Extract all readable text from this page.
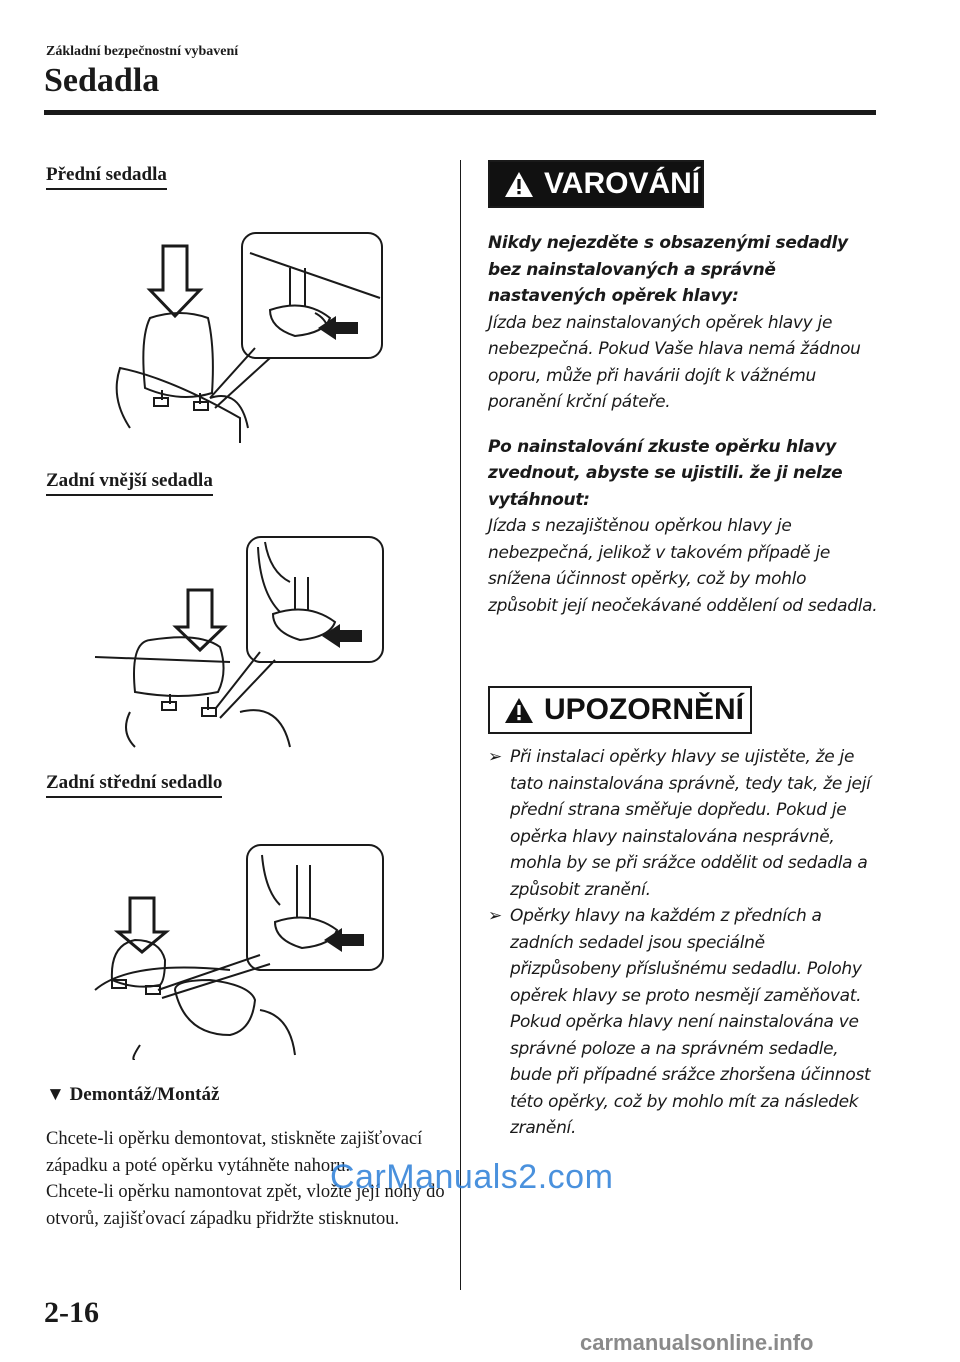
Základní bezpečnostní vybavení
Sedadla
Přední sedadla
Zadní vnější sedadla
Zadní střední sedadlo
▼ Demontáž/Montáž

Chcete-li opěrku demontovat, stiskněte zajišťovací západku a poté opěrku vytáhněte nahoru.

Chcete-li opěrku namontovat zpět, vložte její nohy do otvorů, zajišťovací západku přidržte stisknutou.

2-16
VAROVÁNÍ

Nikdy nejezděte s obsazenými sedadly bez nainstalovaných a správně nastavených opěrek hlavy:

Jízda bez nainstalovaných opěrek hlavy je nebezpečná. Pokud Vaše hlava nemá žádnou oporu, může při havárii dojít k vážnému poranění krční páteře.

Po nainstalování zkuste opěrku hlavy zvednout, abyste se ujistili. že ji nelze vytáhnout:

Jízda s nezajištěnou opěrkou hlavy je nebezpečná, jelikož v takovém případě je snížena účinnost opěrky, což by mohlo způsobit její neočekávané oddělení od sedadla.

UPOZORNĚNÍ
➢ Při instalaci opěrky hlavy se ujistěte, že je tato nainstalována správně, tedy tak, že její přední strana směřuje dopředu. Pokud je opěrka hlavy nainstalována nesprávně, mohla by se při srážce oddělit od sedadla a způsobit zranění.
➢ Opěrky hlavy na každém z předních a zadních sedadel jsou speciálně přizpůsobeny příslušnému sedadlu. Polohy opěrek hlavy se proto nesmějí zaměňovat. Pokud opěrka hlavy není nainstalována ve správné poloze a na správném sedadle, bude při případné srážce zhoršena účinnost této opěrky, což by mohlo mít za následek zranění.
CarManuals2.com
carmanualsonline.info
